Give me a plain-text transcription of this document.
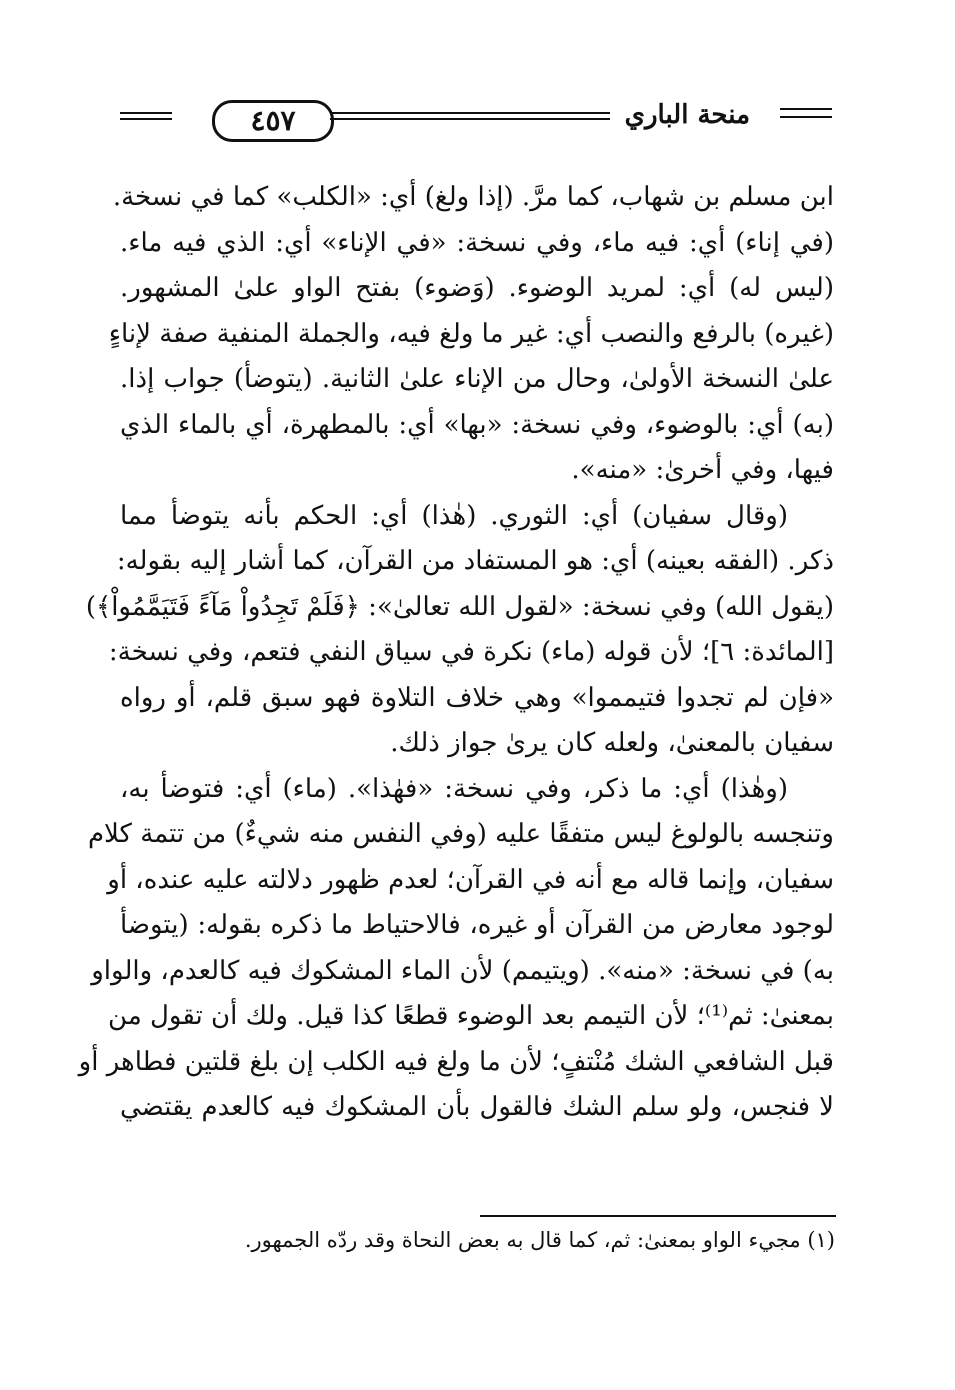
٤٥٧	منحة الباري
ابن مسلم بن شهاب، كما مرَّ. (إذا ولغ) أي: «الكلب» كما في نسخة.
(في إناء) أي: فيه ماء، وفي نسخة: «في الإناء» أي: الذي فيه ماء.
(ليس له) أي: لمريد الوضوء. (وَضوء) بفتح الواو علىٰ المشهور.
(غيره) بالرفع والنصب أي: غير ما ولغ فيه، والجملة المنفية صفة لإناءٍ
علىٰ النسخة الأولىٰ، وحال من الإناء علىٰ الثانية. (يتوضأ) جواب إذا.
(به) أي: بالوضوء، وفي نسخة: «بها» أي: بالمطهرة، أي بالماء الذي
فيها، وفي أخرىٰ: «منه».
(وقال سفيان) أي: الثوري. (هٰذا) أي: الحكم بأنه يتوضأ مما
ذكر. (الفقه بعينه) أي: هو المستفاد من القرآن، كما أشار إليه بقوله:
(يقول الله) وفي نسخة: «لقول الله تعالىٰ»: ﴿فَلَمْ تَجِدُواْ مَآءً فَتَيَمَّمُواْ﴾)
[المائدة: ٦]؛ لأن قوله (ماء) نكرة في سياق النفي فتعم، وفي نسخة:
«فإن لم تجدوا فتيمموا» وهي خلاف التلاوة فهو سبق قلم، أو رواه
سفيان بالمعنىٰ، ولعله كان يرىٰ جواز ذلك.
(وهٰذا) أي: ما ذكر، وفي نسخة: «فهٰذا». (ماء) أي: فتوضأ به،
وتنجسه بالولوغ ليس متفقًا عليه (وفي النفس منه شيءٌ) من تتمة كلام
سفيان، وإنما قاله مع أنه في القرآن؛ لعدم ظهور دلالته عليه عنده، أو
لوجود معارض من القرآن أو غيره، فالاحتياط ما ذكره بقوله: (يتوضأ
به) في نسخة: «منه». (ويتيمم) لأن الماء المشكوك فيه كالعدم، والواو
بمعنىٰ: ثم⁽¹⁾؛ لأن التيمم بعد الوضوء قطعًا كذا قيل. ولك أن تقول من
قبل الشافعي الشك مُنْتفٍ؛ لأن ما ولغ فيه الكلب إن بلغ قلتين فطاهر أو
لا فنجس، ولو سلم الشك فالقول بأن المشكوك فيه كالعدم يقتضي
(١) مجيء الواو بمعنىٰ: ثم، كما قال به بعض النحاة وقد ردّه الجمهور.
